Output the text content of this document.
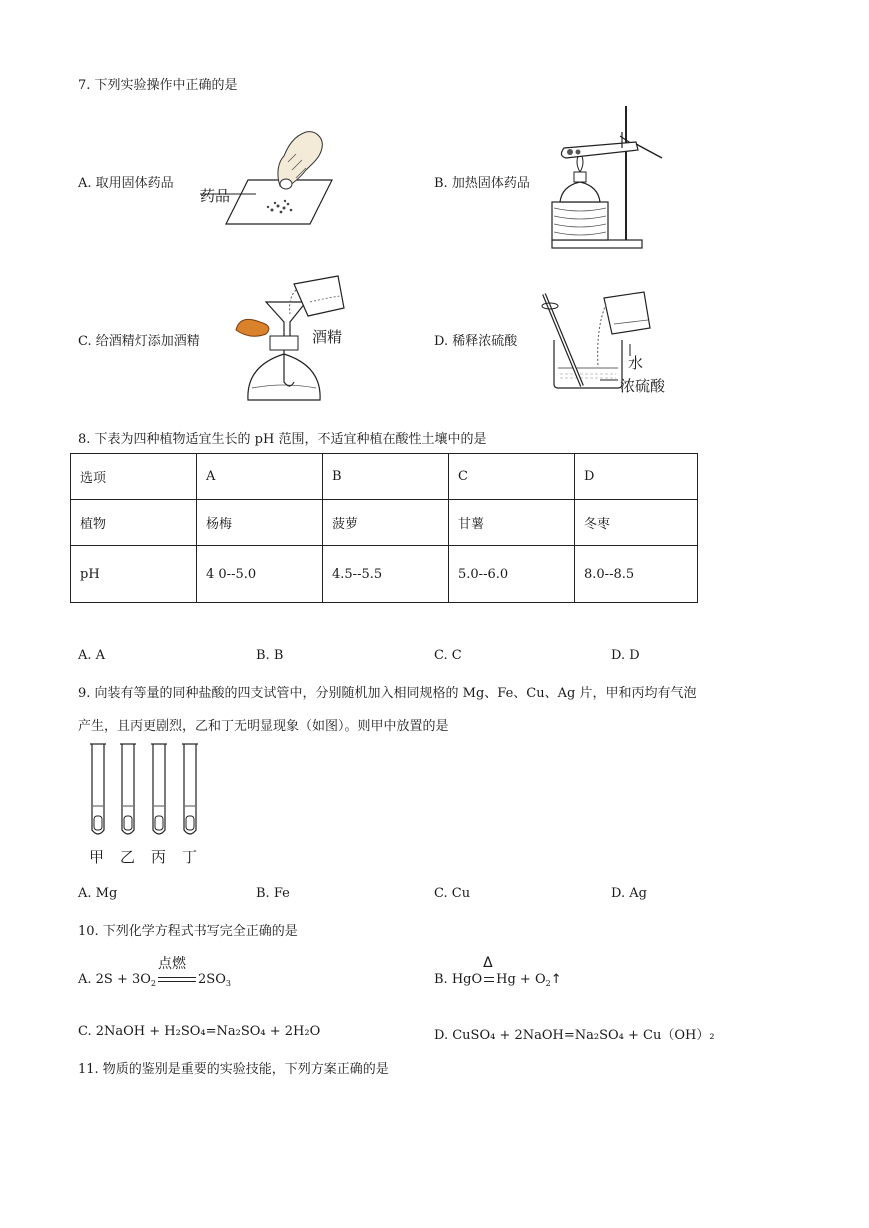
7. 下列实验操作中正确的是
A. 取用固体药品
药品
B. 加热固体药品
C. 给酒精灯添加酒精	酒精	D. 稀释浓硫酸
水
浓硫酸
8. 下表为四种植物适宜生长的 pH 范围，不适宜种植在酸性土壤中的是
选项	A	B	C	D
植物	杨梅	菠萝	甘薯	冬枣
pH	4 0--5.0	4.5--5.5	5.0--6.0	8.0--8.5
A. A	B. B	C. C	D. D
9. 向装有等量的同种盐酸的四支试管中，分别随机加入相同规格的 Mg、Fe、Cu、Ag 片，甲和丙均有气泡
产生，且丙更剧烈，乙和丁无明显现象（如图）。则甲中放置的是
甲 乙 丙 丁
A. Mg	B. Fe	C. Cu	D. Ag
10. 下列化学方程式书写完全正确的是
A. $2S + 3O_2$
点燃
$2SO_3$	B. HgO
Δ
$Hg + O_2↑$
C. 2NaOH + H₂SO₄=Na₂SO₄ + 2H₂O	D. CuSO₄ + 2NaOH=Na₂SO₄ + Cu（OH）₂
11. 物质的鉴别是重要的实验技能，下列方案正确的是
